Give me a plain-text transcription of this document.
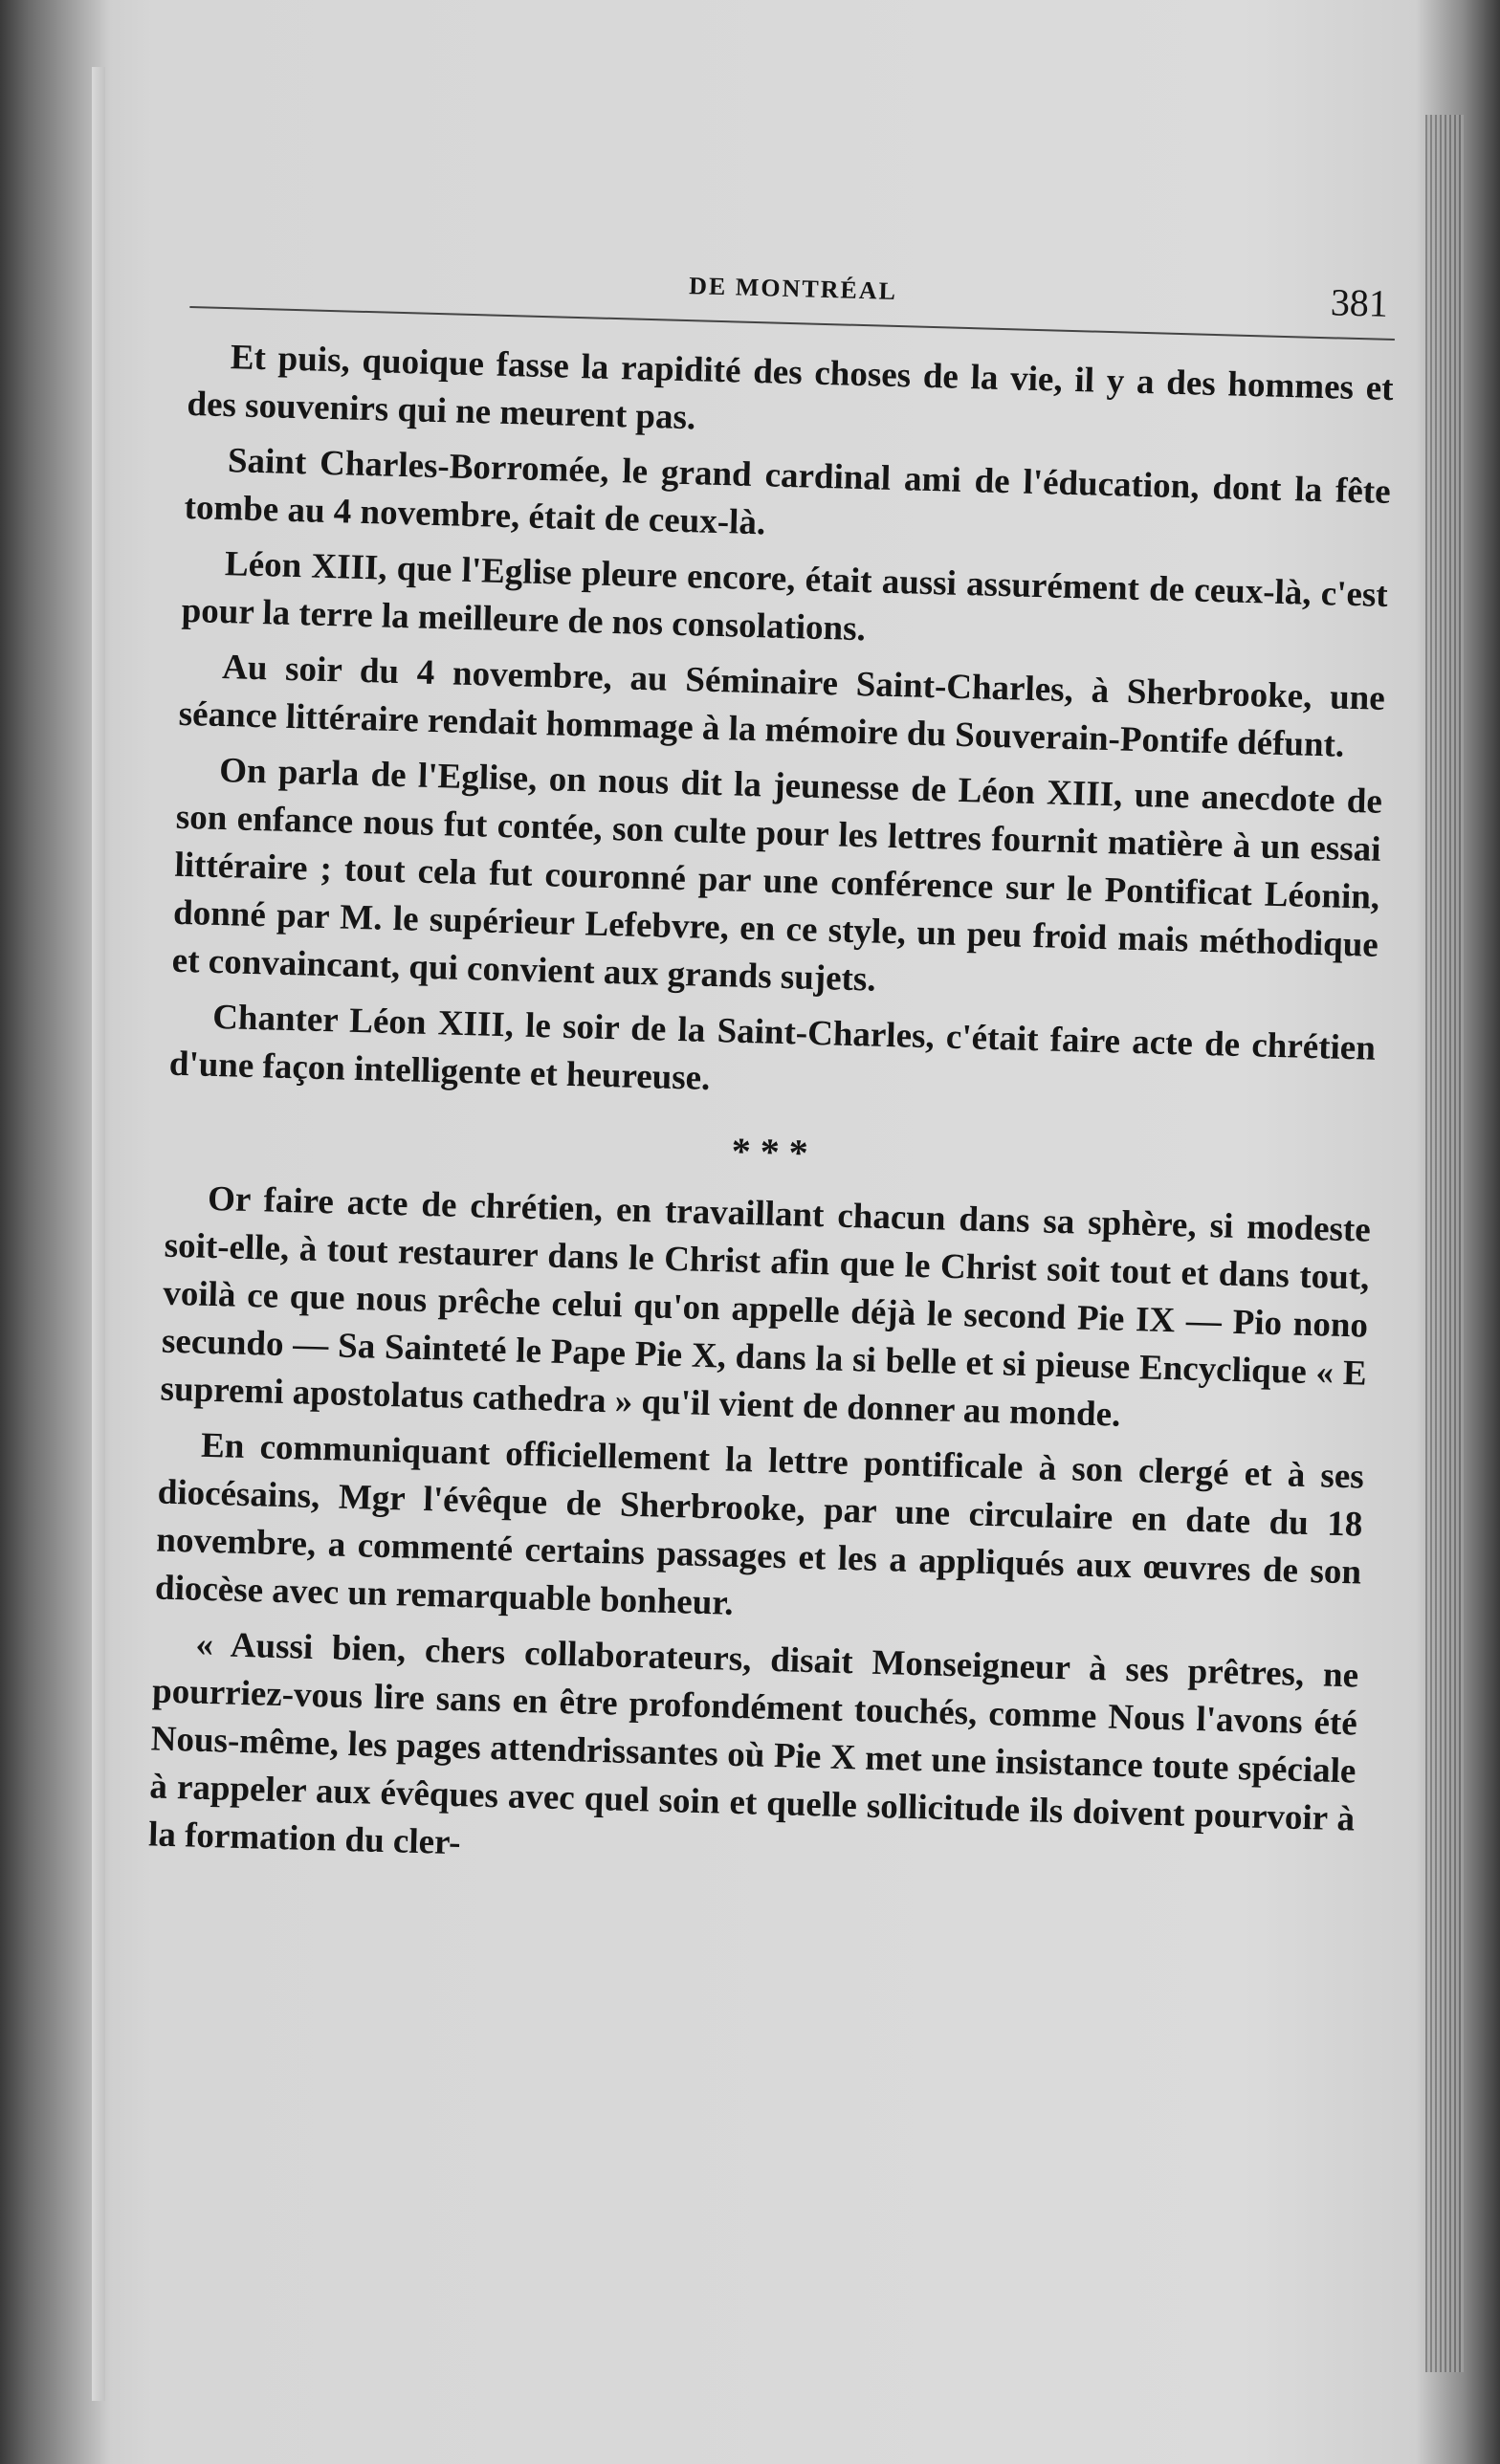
DE MONTRÉAL	381

Et puis, quoique fasse la rapidité des choses de la vie, il y a des hommes et des souvenirs qui ne meurent pas.

Saint Charles-Borromée, le grand cardinal ami de l'éducation, dont la fête tombe au 4 novembre, était de ceux-là.

Léon XIII, que l'Eglise pleure encore, était aussi assurément de ceux-là, c'est pour la terre la meilleure de nos consolations.

Au soir du 4 novembre, au Séminaire Saint-Charles, à Sherbrooke, une séance littéraire rendait hommage à la mémoire du Souverain-Pontife défunt.

On parla de l'Eglise, on nous dit la jeunesse de Léon XIII, une anecdote de son enfance nous fut contée, son culte pour les lettres fournit matière à un essai littéraire ; tout cela fut couronné par une conférence sur le Pontificat Léonin, donné par M. le supérieur Lefebvre, en ce style, un peu froid mais méthodique et convaincant, qui convient aux grands sujets.

Chanter Léon XIII, le soir de la Saint-Charles, c'était faire acte de chrétien d'une façon intelligente et heureuse.

* * *

Or faire acte de chrétien, en travaillant chacun dans sa sphère, si modeste soit-elle, à tout restaurer dans le Christ afin que le Christ soit tout et dans tout, voilà ce que nous prêche celui qu'on appelle déjà le second Pie IX — Pio nono secundo — Sa Sainteté le Pape Pie X, dans la si belle et si pieuse Encyclique « E supremi apostolatus cathedra » qu'il vient de donner au monde.

En communiquant officiellement la lettre pontificale à son clergé et à ses diocésains, Mgr l'évêque de Sherbrooke, par une circulaire en date du 18 novembre, a commenté certains passages et les a appliqués aux œuvres de son diocèse avec un remarquable bonheur.

« Aussi bien, chers collaborateurs, disait Monseigneur à ses prêtres, ne pourriez-vous lire sans en être profondément touchés, comme Nous l'avons été Nous-même, les pages attendrissantes où Pie X met une insistance toute spéciale à rappeler aux évêques avec quel soin et quelle sollicitude ils doivent pourvoir à la formation du cler-
